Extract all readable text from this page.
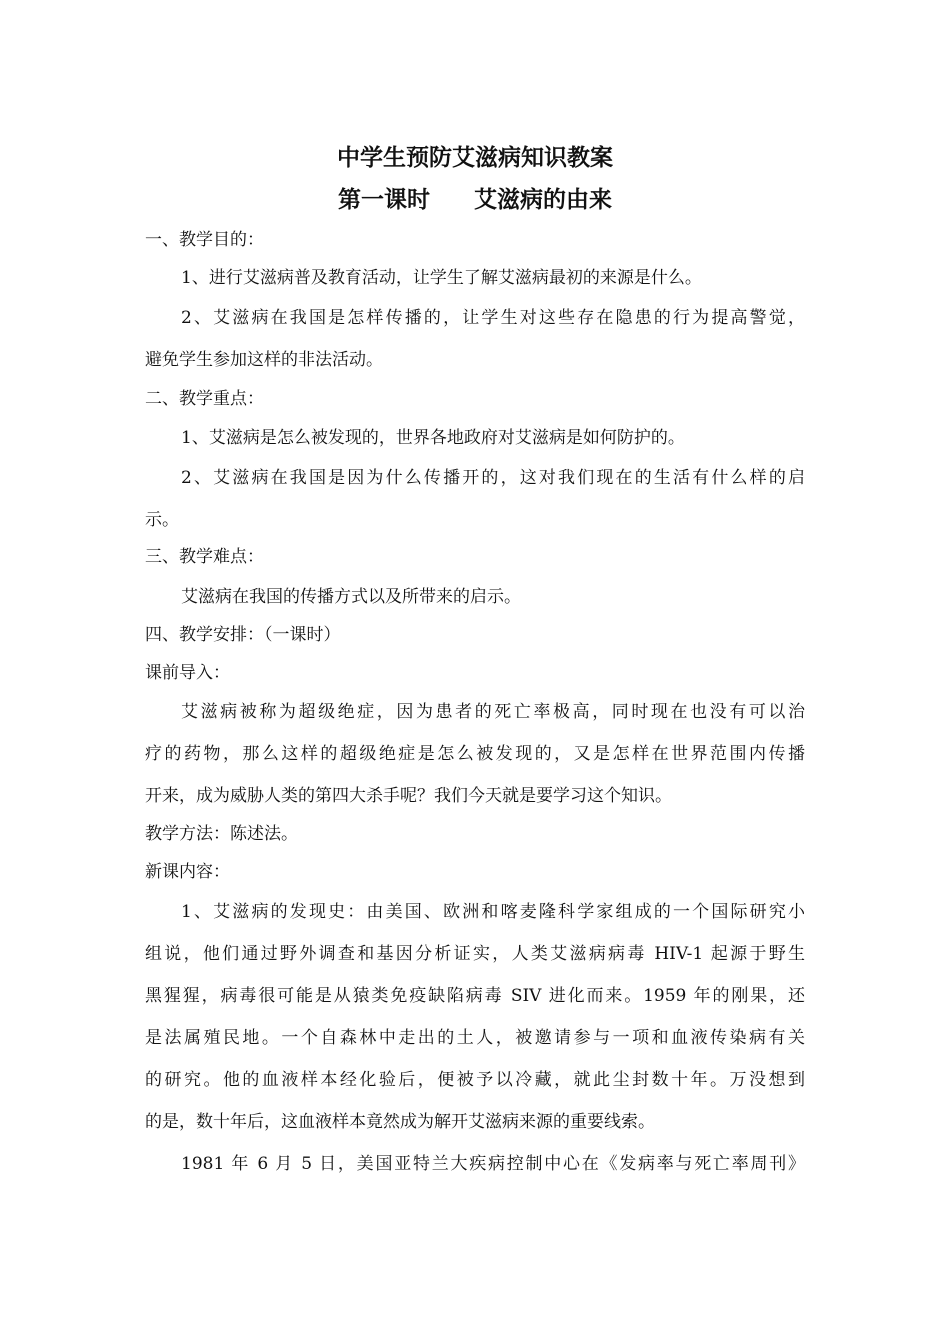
中学生预防艾滋病知识教案
第一课时 艾滋病的由来
一、教学目的：
1、进行艾滋病普及教育活动，让学生了解艾滋病最初的来源是什么。
2、艾滋病在我国是怎样传播的，让学生对这些存在隐患的行为提高警觉，
避免学生参加这样的非法活动。
二、教学重点：
1、艾滋病是怎么被发现的，世界各地政府对艾滋病是如何防护的。
2、艾滋病在我国是因为什么传播开的，这对我们现在的生活有什么样的启
示。
三、教学难点：
艾滋病在我国的传播方式以及所带来的启示。
四、教学安排：（一课时）
课前导入：
艾滋病被称为超级绝症，因为患者的死亡率极高，同时现在也没有可以治
疗的药物，那么这样的超级绝症是怎么被发现的，又是怎样在世界范围内传播
开来，成为威胁人类的第四大杀手呢？我们今天就是要学习这个知识。
教学方法：陈述法。
新课内容：
1、艾滋病的发现史：由美国、欧洲和喀麦隆科学家组成的一个国际研究小
组说，他们通过野外调查和基因分析证实，人类艾滋病病毒 HIV-1 起源于野生
黑猩猩，病毒很可能是从猿类免疫缺陷病毒 SIV 进化而来。1959 年的刚果，还
是法属殖民地。一个自森林中走出的土人，被邀请参与一项和血液传染病有关
的研究。他的血液样本经化验后，便被予以冷藏，就此尘封数十年。万没想到
的是，数十年后，这血液样本竟然成为解开艾滋病来源的重要线索。
1981 年 6 月 5 日，美国亚特兰大疾病控制中心在《发病率与死亡率周刊》
